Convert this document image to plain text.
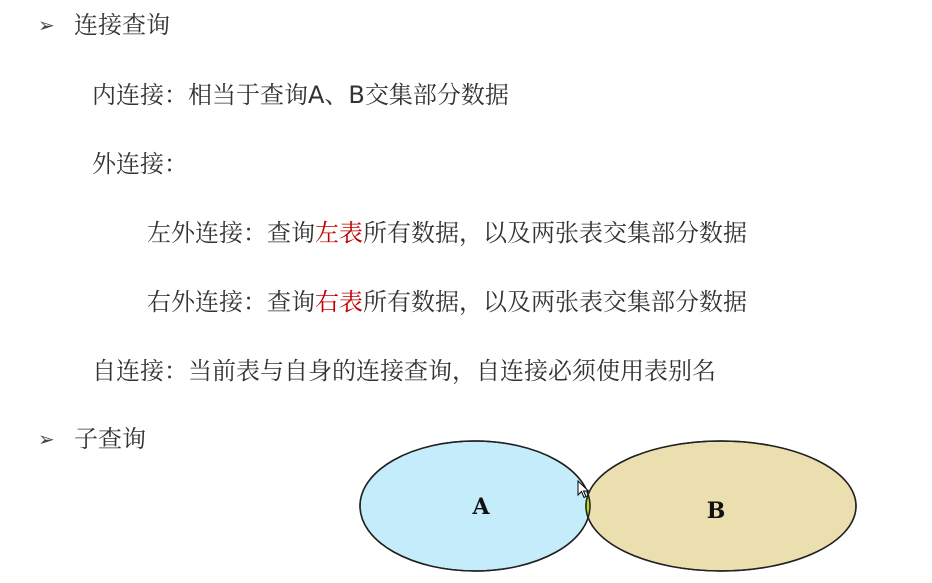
➢ 连接查询
内连接：相当于查询A、B交集部分数据
外连接：
左外连接：查询左表所有数据，以及两张表交集部分数据
右外连接：查询右表所有数据，以及两张表交集部分数据
自连接：当前表与自身的连接查询，自连接必须使用表别名
➢ 子查询
A	B
